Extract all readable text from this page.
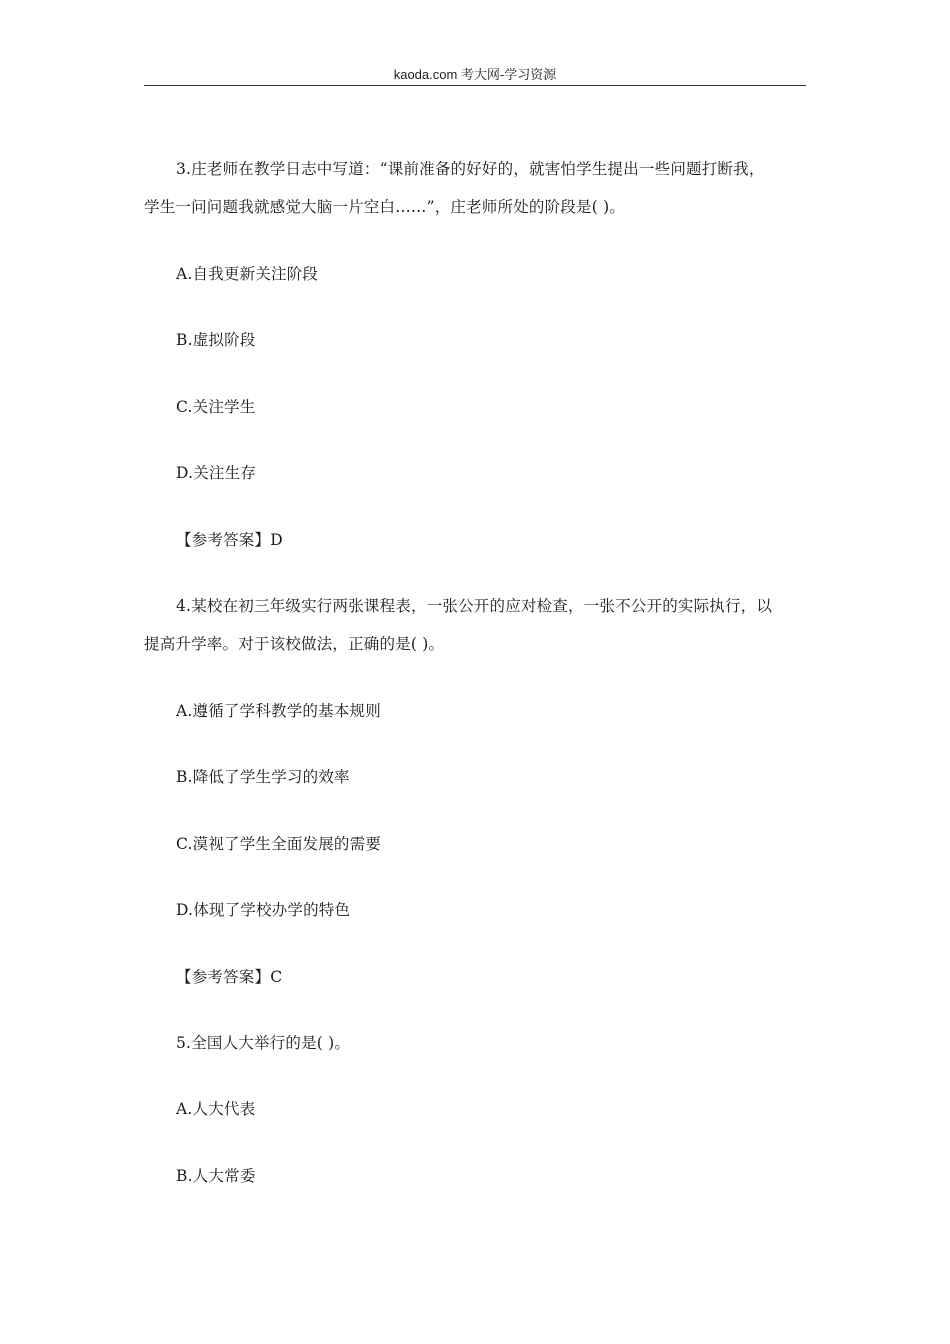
kaoda.com 考大网-学习资源
3.庄老师在教学日志中写道：“课前准备的好好的，就害怕学生提出一些问题打断我，
学生一问问题我就感觉大脑一片空白……”，庄老师所处的阶段是( )。
A.自我更新关注阶段
B.虚拟阶段
C.关注学生
D.关注生存
【参考答案】D
4.某校在初三年级实行两张课程表，一张公开的应对检查，一张不公开的实际执行，以
提高升学率。对于该校做法，正确的是( )。
A.遵循了学科教学的基本规则
B.降低了学生学习的效率
C.漠视了学生全面发展的需要
D.体现了学校办学的特色
【参考答案】C
5.全国人大举行的是( )。
A.人大代表
B.人大常委
